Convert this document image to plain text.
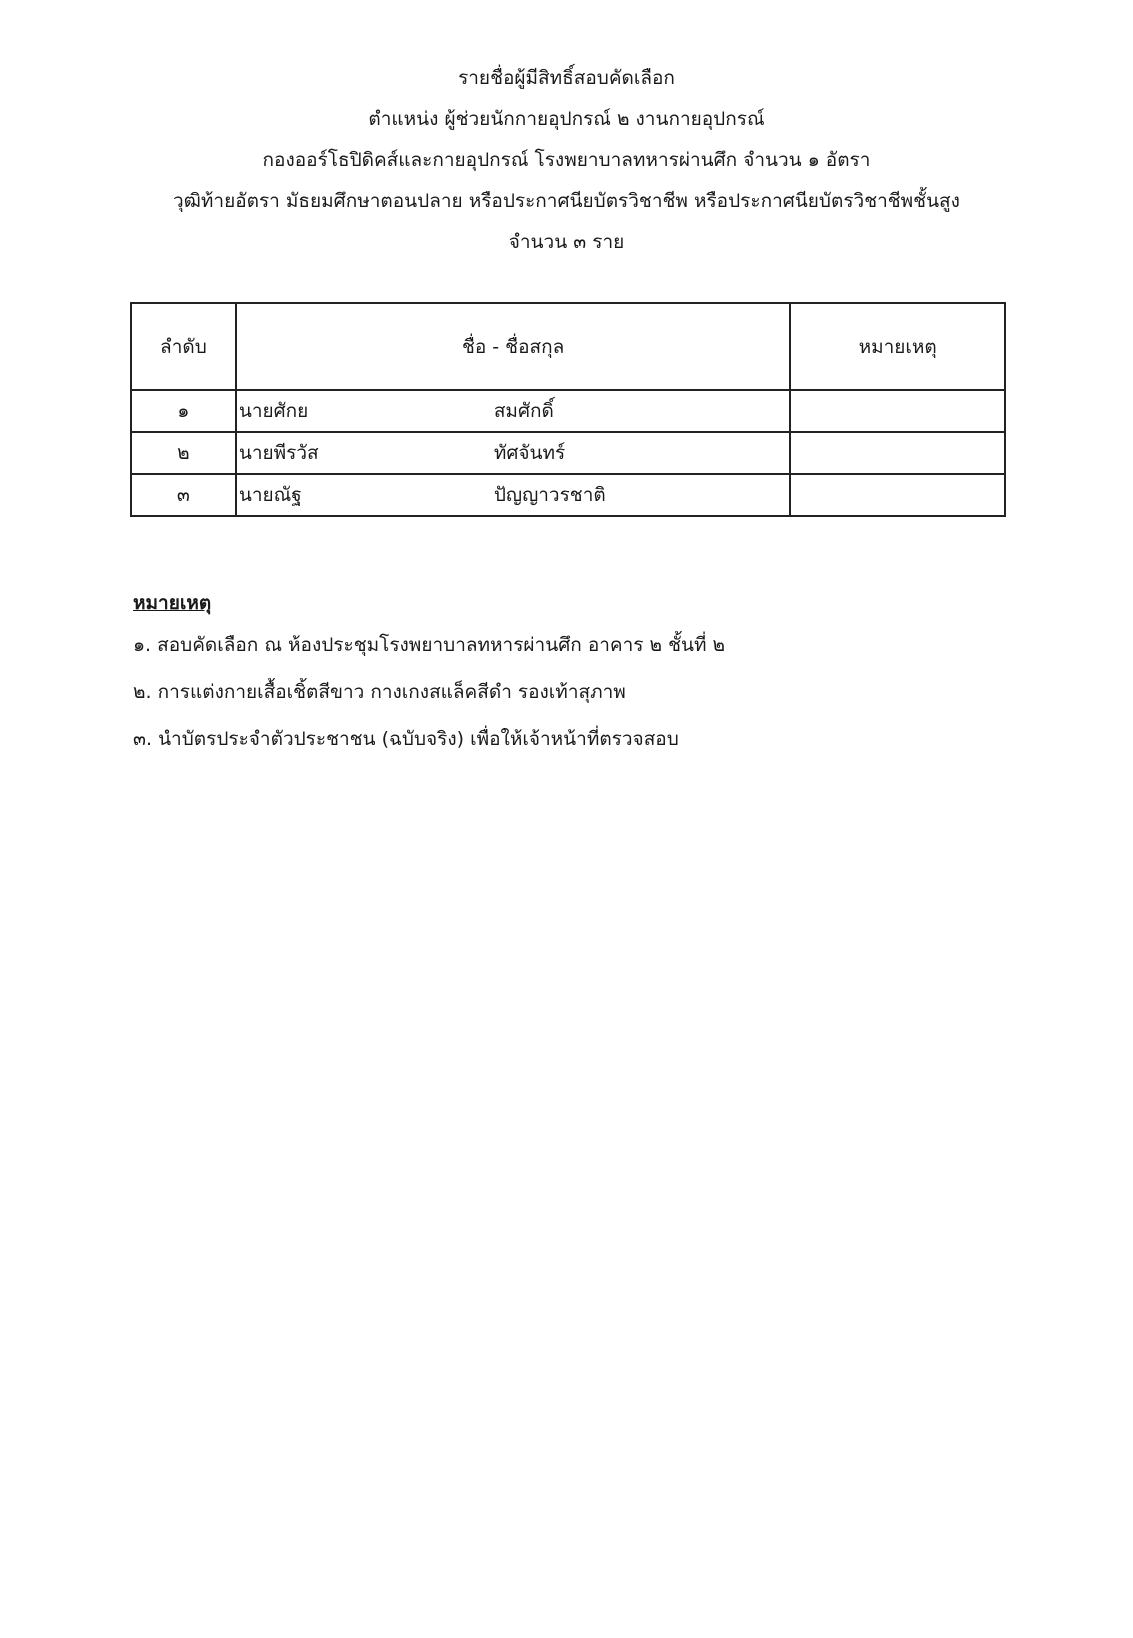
รายชื่อผู้มีสิทธิ์สอบคัดเลือก
ตำแหน่ง ผู้ช่วยนักกายอุปกรณ์ ๒ งานกายอุปกรณ์
กองออร์โธปิดิคส์และกายอุปกรณ์ โรงพยาบาลทหารผ่านศึก จำนวน ๑ อัตรา
วุฒิท้ายอัตรา มัธยมศึกษาตอนปลาย หรือประกาศนียบัตรวิชาชีพ หรือประกาศนียบัตรวิชาชีพชั้นสูง
จำนวน ๓ ราย
ลำดับ	ชื่อ - ชื่อสกุล	หมายเหตุ
๑	นายศักย สมศักดิ์	

๒	นายพีรวัส ทัศจันทร์	

๓	นายณัฐ ปัญญาวรชาติ	

หมายเหตุ
๑. สอบคัดเลือก ณ ห้องประชุมโรงพยาบาลทหารผ่านศึก อาคาร ๒ ชั้นที่ ๒
๒. การแต่งกายเสื้อเชิ้ตสีขาว กางเกงสแล็คสีดำ รองเท้าสุภาพ
๓. นำบัตรประจำตัวประชาชน (ฉบับจริง) เพื่อให้เจ้าหน้าที่ตรวจสอบ
